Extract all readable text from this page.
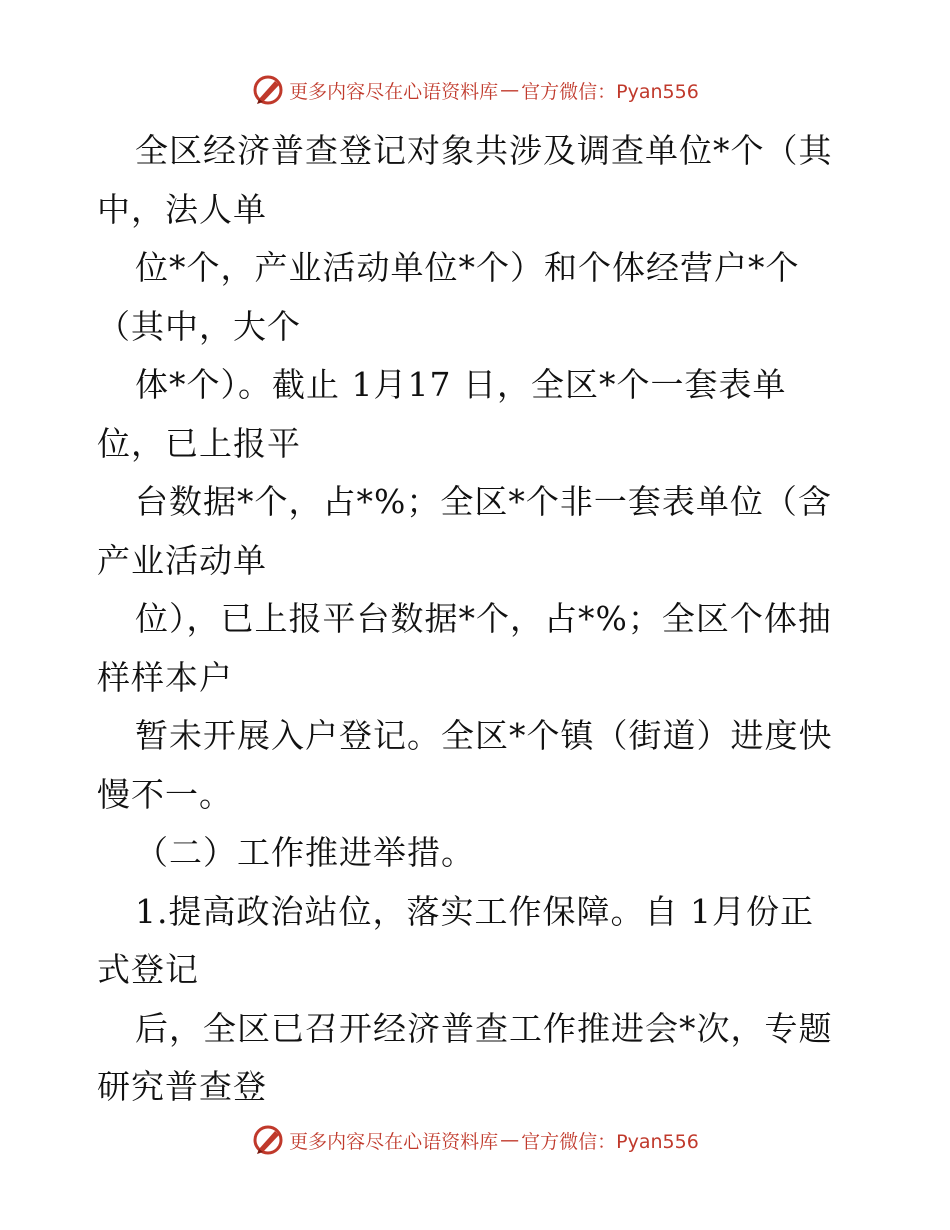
更多内容尽在心语资料库 — 官方微信：Pyan556
全区经济普查登记对象共涉及调查单位*个（其
中，法人单
位*个，产业活动单位*个）和个体经营户*个
（其中，大个
体*个）。截止 1月17 日，全区*个一套表单
位，已上报平
台数据*个，占*%；全区*个非一套表单位（含
产业活动单
位），已上报平台数据*个，占*%；全区个体抽
样样本户
暂未开展入户登记。全区*个镇（街道）进度快
慢不一。
（二）工作推进举措。
1.提高政治站位，落实工作保障。自 1月份正
式登记
后，全区已召开经济普查工作推进会*次，专题
研究普查登
更多内容尽在心语资料库 — 官方微信：Pyan556
